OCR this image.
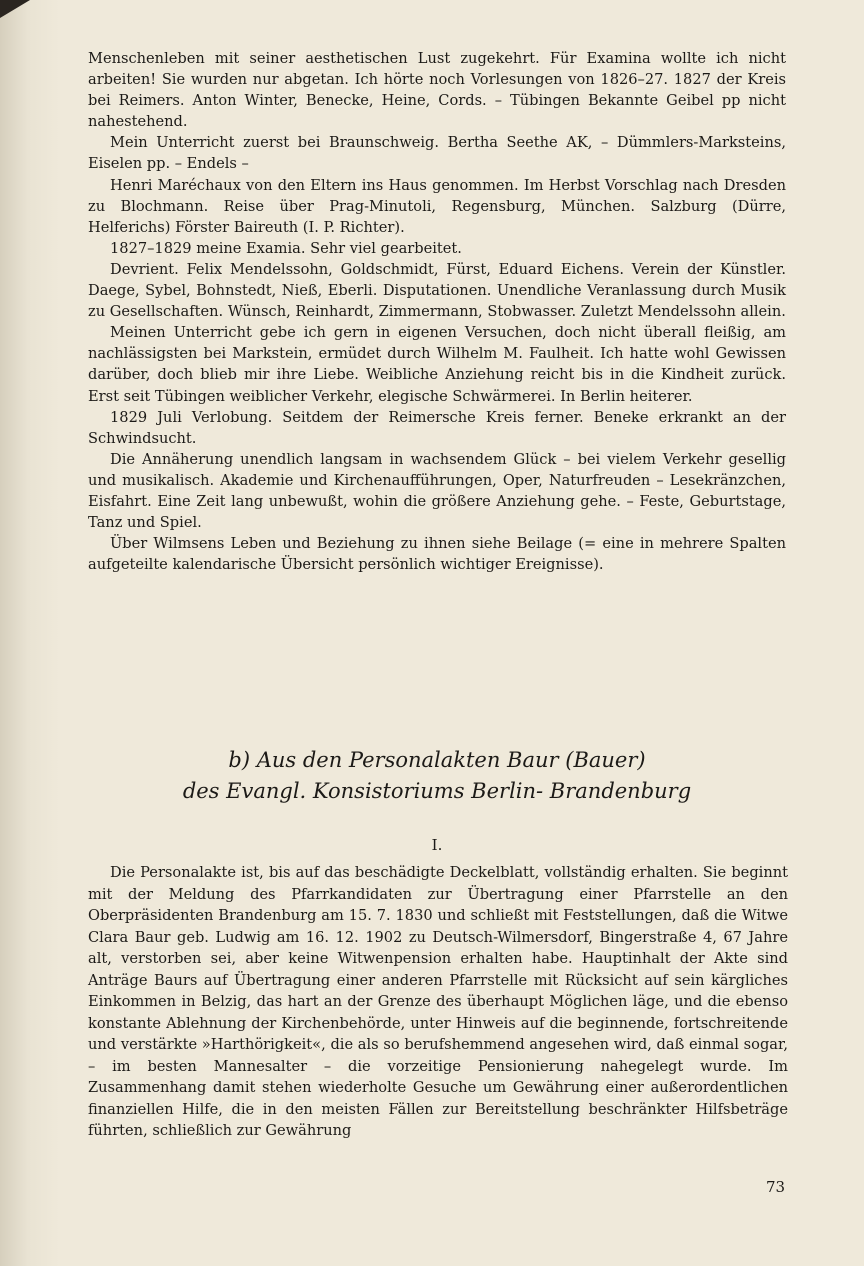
Menschenleben mit seiner aesthetischen Lust zugekehrt. Für Examina wollte ich nicht arbeiten! Sie wurden nur abgetan. Ich hörte noch Vorlesungen von 1826–27. 1827 der Kreis bei Reimers. Anton Winter, Benecke, Heine, Cords. – Tübingen Bekannte Geibel pp nicht nahestehend.

Mein Unterricht zuerst bei Braunschweig. Bertha Seethe AK, – Dümmlers-Marksteins, Eiselen pp. – Endels –

Henri Maréchaux von den Eltern ins Haus genommen. Im Herbst Vorschlag nach Dresden zu Blochmann. Reise über Prag-Minutoli, Regensburg, München. Salzburg (Dürre, Helferichs) Förster Baireuth (I. P. Richter).

1827–1829 meine Examia. Sehr viel gearbeitet.

Devrient. Felix Mendelssohn, Goldschmidt, Fürst, Eduard Eichens. Verein der Künstler. Daege, Sybel, Bohnstedt, Nieß, Eberli. Disputationen. Unendliche Veranlassung durch Musik zu Gesellschaften. Wünsch, Reinhardt, Zimmermann, Stobwasser. Zuletzt Mendelssohn allein.

Meinen Unterricht gebe ich gern in eigenen Versuchen, doch nicht überall fleißig, am nachlässigsten bei Markstein, ermüdet durch Wilhelm M. Faulheit. Ich hatte wohl Gewissen darüber, doch blieb mir ihre Liebe. Weibliche Anziehung reicht bis in die Kindheit zurück. Erst seit Tübingen weiblicher Verkehr, elegische Schwärmerei. In Berlin heiterer.

1829 Juli Verlobung. Seitdem der Reimersche Kreis ferner. Beneke erkrankt an der Schwindsucht.

Die Annäherung unendlich langsam in wachsendem Glück – bei vielem Verkehr gesellig und musikalisch. Akademie und Kirchenaufführungen, Oper, Naturfreuden – Lesekränzchen, Eisfahrt. Eine Zeit lang unbewußt, wohin die größere Anziehung gehe. – Feste, Geburtstage, Tanz und Spiel.

Über Wilmsens Leben und Beziehung zu ihnen siehe Beilage (= eine in mehrere Spalten aufgeteilte kalendarische Übersicht persönlich wichtiger Ereignisse).

b) Aus den Personalakten Baur (Bauer)
des Evangl. Konsistoriums Berlin- Brandenburg
I.

Die Personalakte ist, bis auf das beschädigte Deckelblatt, vollständig erhalten. Sie beginnt mit der Meldung des Pfarrkandidaten zur Übertragung einer Pfarrstelle an den Oberpräsidenten Brandenburg am 15. 7. 1830 und schließt mit Feststellungen, daß die Witwe Clara Baur geb. Ludwig am 16. 12. 1902 zu Deutsch-Wilmersdorf, Bingerstraße 4, 67 Jahre alt, verstorben sei, aber keine Witwenpension erhalten habe. Hauptinhalt der Akte sind Anträge Baurs auf Übertragung einer anderen Pfarrstelle mit Rücksicht auf sein kärgliches Einkommen in Belzig, das hart an der Grenze des überhaupt Möglichen läge, und die ebenso konstante Ablehnung der Kirchenbehörde, unter Hinweis auf die beginnende, fortschreitende und verstärkte »Harthörigkeit«, die als so berufshemmend angesehen wird, daß einmal sogar, – im besten Mannesalter – die vorzeitige Pensionierung nahegelegt wurde. Im Zusammenhang damit stehen wiederholte Gesuche um Gewährung einer außerordentlichen finanziellen Hilfe, die in den meisten Fällen zur Bereitstellung beschränkter Hilfsbeträge führten, schließlich zur Gewährung

73
